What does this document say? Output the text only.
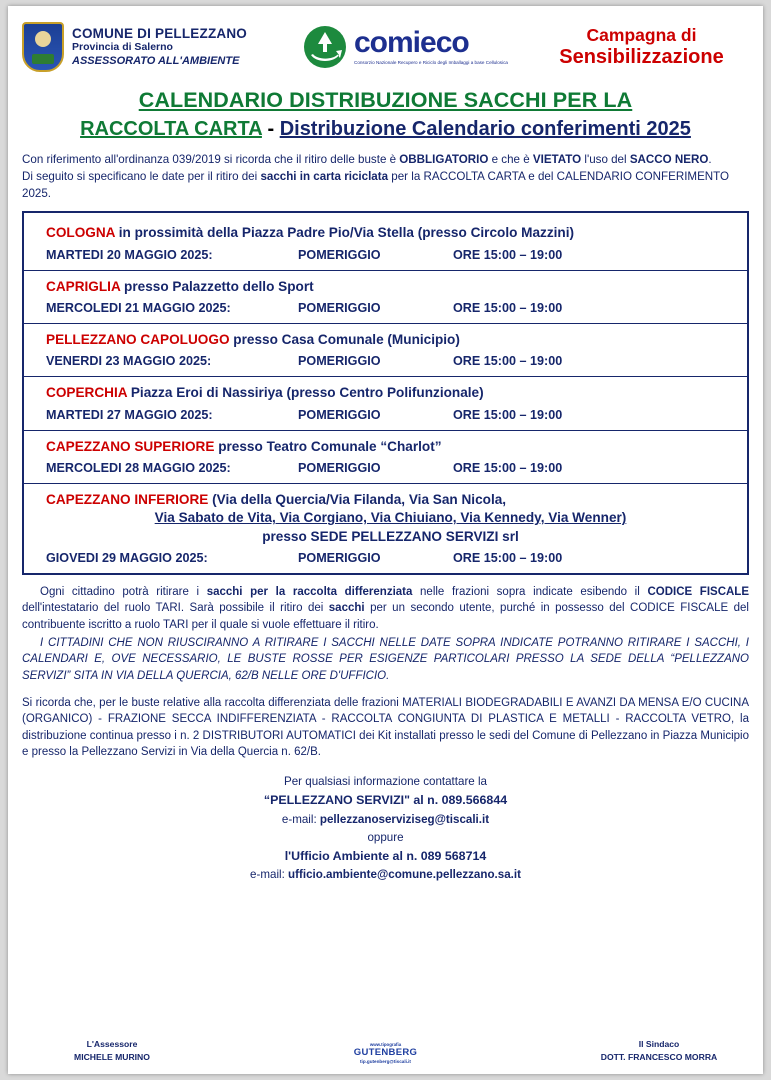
COMUNE DI PELLEZZANO
Provincia di Salerno
ASSESSORATO ALL'AMBIENTE
comieco
Consorzio Nazionale Recupero e Riciclo degli Imballaggi a base Cellulosica
Campagna di
Sensibilizzazione
CALENDARIO DISTRIBUZIONE SACCHI PER LA
RACCOLTA CARTA - Distribuzione Calendario conferimenti 2025
Con riferimento all'ordinanza 039/2019 si ricorda che il ritiro delle buste è OBBLIGATORIO e che è VIETATO l'uso del SACCO NERO.
Di seguito si specificano le date per il ritiro dei sacchi in carta riciclata per la RACCOLTA CARTA e del CALENDARIO CONFERIMENTO 2025.
COLOGNA in prossimità della Piazza Padre Pio/Via Stella (presso Circolo Mazzini)
MARTEDI 20 MAGGIO 2025:	POMERIGGIO	ORE 15:00 – 19:00
CAPRIGLIA presso Palazzetto dello Sport
MERCOLEDI 21 MAGGIO 2025:	POMERIGGIO	ORE 15:00 – 19:00
PELLEZZANO CAPOLUOGO presso Casa Comunale (Municipio)
VENERDI 23 MAGGIO 2025:	POMERIGGIO	ORE 15:00 – 19:00
COPERCHIA Piazza Eroi di Nassiriya (presso Centro Polifunzionale)
MARTEDI 27 MAGGIO 2025:	POMERIGGIO	ORE 15:00 – 19:00
CAPEZZANO SUPERIORE presso Teatro Comunale “Charlot”
MERCOLEDI 28 MAGGIO 2025:	POMERIGGIO	ORE 15:00 – 19:00
CAPEZZANO INFERIORE (Via della Quercia/Via Filanda, Via San Nicola,
Via Sabato de Vita, Via Corgiano, Via Chiuiano, Via Kennedy, Via Wenner)
presso SEDE PELLEZZANO SERVIZI srl
GIOVEDI 29 MAGGIO 2025:	POMERIGGIO	ORE 15:00 – 19:00

Ogni cittadino potrà ritirare i sacchi per la raccolta differenziata nelle frazioni sopra indicate esibendo il CODICE FISCALE dell'intestatario del ruolo TARI. Sarà possibile il ritiro dei sacchi per un secondo utente, purché in possesso del CODICE FISCALE del contribuente iscritto a ruolo TARI per il quale si vuole effettuare il ritiro.

I CITTADINI CHE NON RIUSCIRANNO A RITIRARE I SACCHI NELLE DATE SOPRA INDICATE POTRANNO RITIRARE I SACCHI, I CALENDARI E, OVE NECESSARIO, LE BUSTE ROSSE PER ESIGENZE PARTICOLARI PRESSO LA SEDE DELLA “PELLEZZANO SERVIZI” SITA IN VIA DELLA QUERCIA, 62/B NELLE ORE D'UFFICIO.

Si ricorda che, per le buste relative alla raccolta differenziata delle frazioni MATERIALI BIODEGRADABILI E AVANZI DA MENSA E/O CUCINA (ORGANICO) - FRAZIONE SECCA INDIFFERENZIATA - RACCOLTA CONGIUNTA DI PLASTICA E METALLI - RACCOLTA VETRO, la distribuzione continua presso i n. 2 DISTRIBUTORI AUTOMATICI dei Kit installati presso le sedi del Comune di Pellezzano in Piazza Municipio e presso la Pellezzano Servizi in Via della Quercia n. 62/B.

Per qualsiasi informazione contattare la
“PELLEZZANO SERVIZI" al n. 089.566844
e-mail: pellezzanoserviziseg@tiscali.it
oppure
l'Ufficio Ambiente al n. 089 568714
e-mail: ufficio.ambiente@comune.pellezzano.sa.it
L'Assessore
MICHELE MURINO
www.tipografia
GUTENBERG
tip.gutenberg@tiscali.it
Il Sindaco
DOTT. FRANCESCO MORRA
